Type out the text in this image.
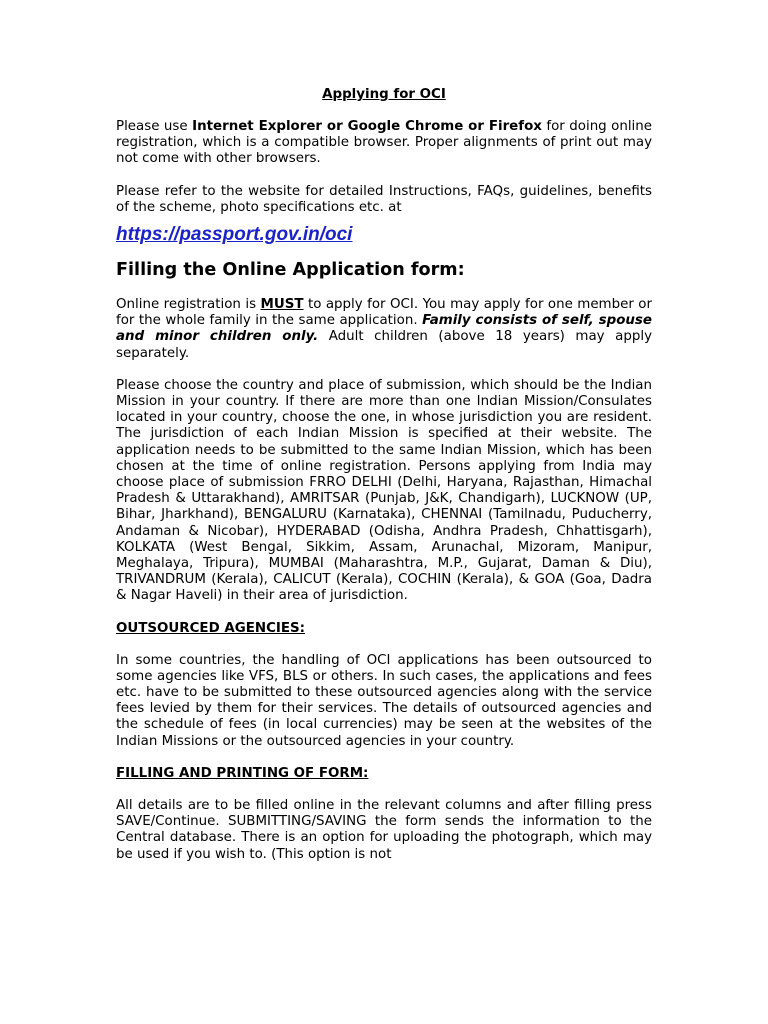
Applying for OCI

Please use Internet Explorer or Google Chrome or Firefox for doing online registration, which is a compatible browser. Proper alignments of print out may not come with other browsers.

Please refer to the website for detailed Instructions, FAQs, guidelines, benefits of the scheme, photo specifications etc. at

https://passport.gov.in/oci
Filling the Online Application form:

Online registration is MUST to apply for OCI. You may apply for one member or for the whole family in the same application. Family consists of self, spouse and minor children only. Adult children (above 18 years) may apply separately.

Please choose the country and place of submission, which should be the Indian Mission in your country. If there are more than one Indian Mission/Consulates located in your country, choose the one, in whose jurisdiction you are resident. The jurisdiction of each Indian Mission is specified at their website. The application needs to be submitted to the same Indian Mission, which has been chosen at the time of online registration. Persons applying from India may choose place of submission FRRO DELHI (Delhi, Haryana, Rajasthan, Himachal Pradesh & Uttarakhand), AMRITSAR (Punjab, J&K, Chandigarh), LUCKNOW (UP, Bihar, Jharkhand), BENGALURU (Karnataka), CHENNAI (Tamilnadu, Puducherry, Andaman & Nicobar), HYDERABAD (Odisha, Andhra Pradesh, Chhattisgarh), KOLKATA (West Bengal, Sikkim, Assam, Arunachal, Mizoram, Manipur, Meghalaya, Tripura), MUMBAI (Maharashtra, M.P., Gujarat, Daman & Diu), TRIVANDRUM (Kerala), CALICUT (Kerala), COCHIN (Kerala), & GOA (Goa, Dadra & Nagar Haveli) in their area of jurisdiction.

OUTSOURCED AGENCIES:

In some countries, the handling of OCI applications has been outsourced to some agencies like VFS, BLS or others. In such cases, the applications and fees etc. have to be submitted to these outsourced agencies along with the service fees levied by them for their services. The details of outsourced agencies and the schedule of fees (in local currencies) may be seen at the websites of the Indian Missions or the outsourced agencies in your country.

FILLING AND PRINTING OF FORM:

All details are to be filled online in the relevant columns and after filling press SAVE/Continue. SUBMITTING/SAVING the form sends the information to the Central database. There is an option for uploading the photograph, which may be used if you wish to. (This option is not
